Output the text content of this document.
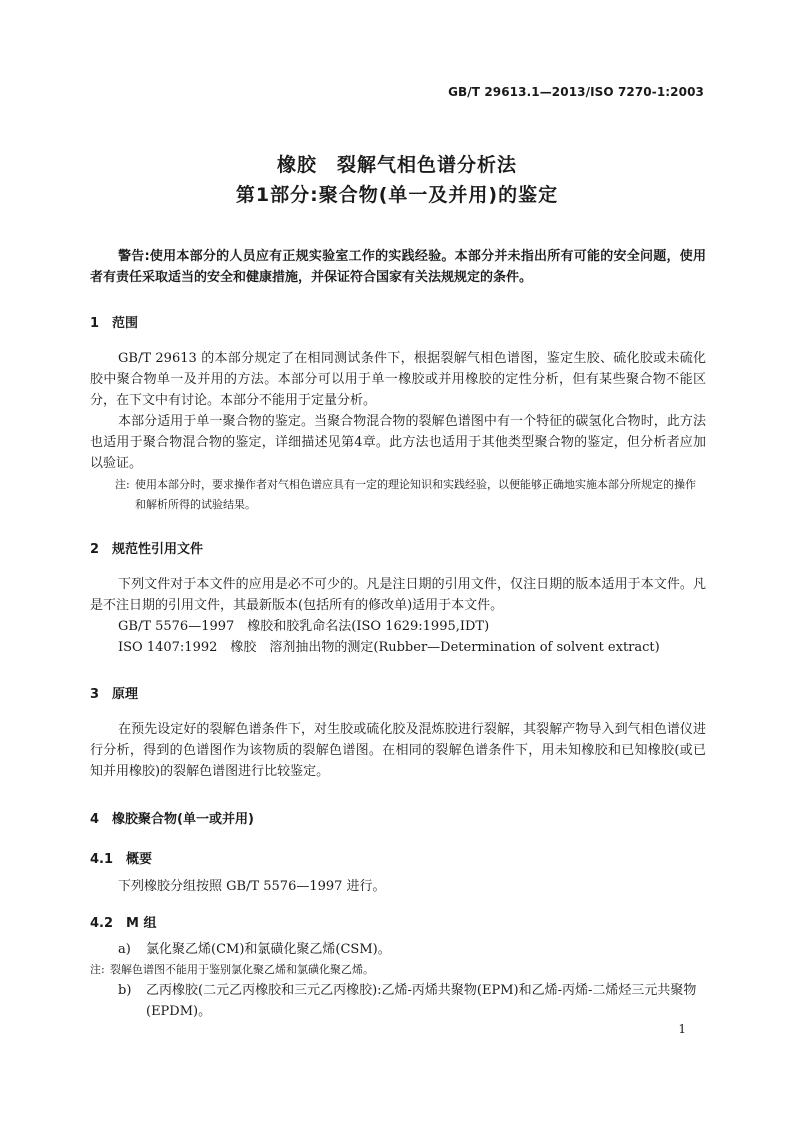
GB/T 29613.1—2013/ISO 7270-1:2003
橡胶　裂解气相色谱分析法
第1部分:聚合物(单一及并用)的鉴定
警告:使用本部分的人员应有正规实验室工作的实践经验。本部分并未指出所有可能的安全问题，使用者有责任采取适当的安全和健康措施，并保证符合国家有关法规规定的条件。
1 范围
GB/T 29613 的本部分规定了在相同测试条件下，根据裂解气相色谱图，鉴定生胶、硫化胶或未硫化胶中聚合物单一及并用的方法。本部分可以用于单一橡胶或并用橡胶的定性分析，但有某些聚合物不能区分，在下文中有讨论。本部分不能用于定量分析。
本部分适用于单一聚合物的鉴定。当聚合物混合物的裂解色谱图中有一个特征的碳氢化合物时，此方法也适用于聚合物混合物的鉴定，详细描述见第4章。此方法也适用于其他类型聚合物的鉴定，但分析者应加以验证。
注: 使用本部分时，要求操作者对气相色谱应具有一定的理论知识和实践经验，以便能够正确地实施本部分所规定的操作和解析所得的试验结果。
2 规范性引用文件
下列文件对于本文件的应用是必不可少的。凡是注日期的引用文件，仅注日期的版本适用于本文件。凡是不注日期的引用文件，其最新版本(包括所有的修改单)适用于本文件。
GB/T 5576—1997　橡胶和胶乳命名法(ISO 1629:1995,IDT)
ISO 1407:1992　橡胶　溶剂抽出物的测定(Rubber—Determination of solvent extract)
3 原理
在预先设定好的裂解色谱条件下，对生胶或硫化胶及混炼胶进行裂解，其裂解产物导入到气相色谱仪进行分析，得到的色谱图作为该物质的裂解色谱图。在相同的裂解色谱条件下，用未知橡胶和已知橡胶(或已知并用橡胶)的裂解色谱图进行比较鉴定。
4 橡胶聚合物(单一或并用)
4.1 概要
下列橡胶分组按照 GB/T 5576—1997 进行。
4.2 M 组
a)	氯化聚乙烯(CM)和氯磺化聚乙烯(CSM)。
注: 裂解色谱图不能用于鉴别氯化聚乙烯和氯磺化聚乙烯。
b)	乙丙橡胶(二元乙丙橡胶和三元乙丙橡胶):乙烯-丙烯共聚物(EPM)和乙烯-丙烯-二烯烃三元共聚物(EPDM)。
1
